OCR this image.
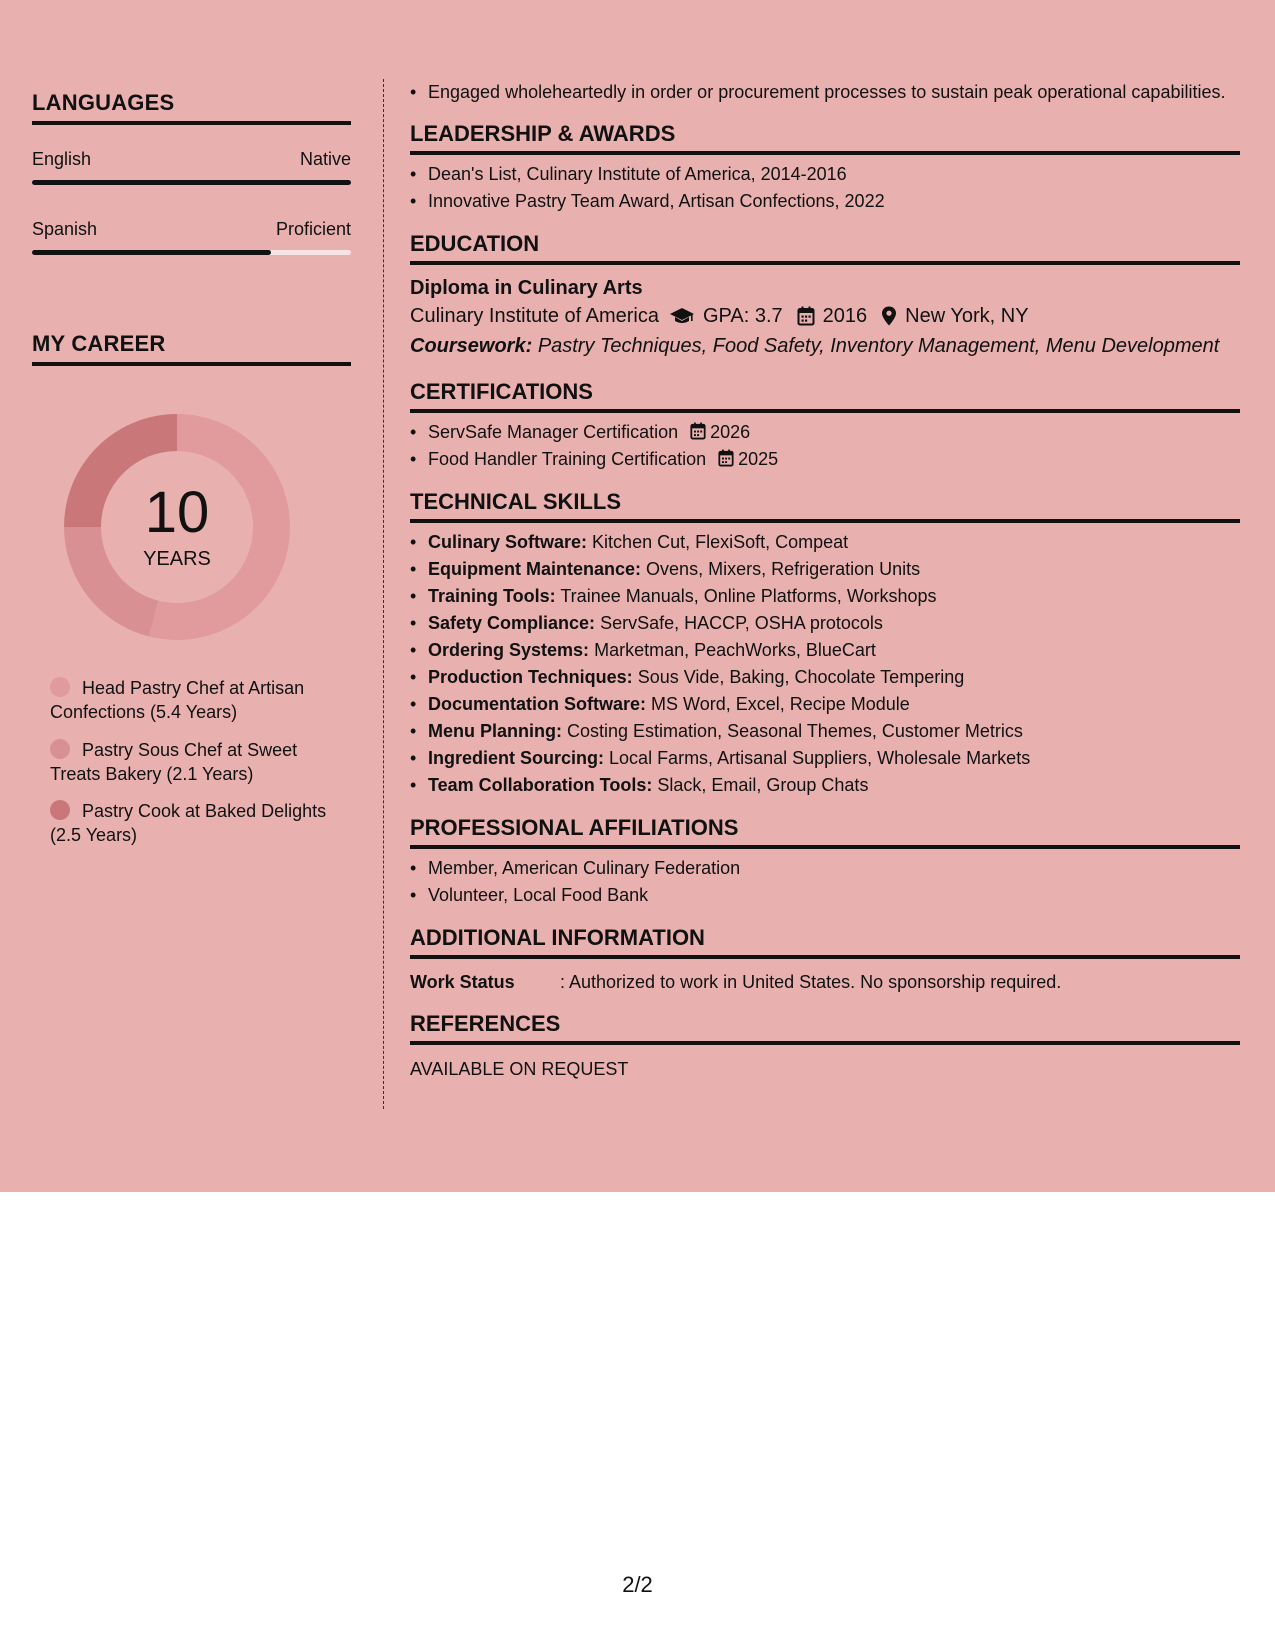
LANGUAGES
English	Native
Spanish	Proficient
MY CAREER
10
YEARS
Head Pastry Chef at Artisan Confections (5.4 Years)
Pastry Sous Chef at Sweet Treats Bakery (2.1 Years)
Pastry Cook at Baked Delights (2.5 Years)
• Engaged wholeheartedly in order or procurement processes to sustain peak operational capabilities.
LEADERSHIP & AWARDS
• Dean's List, Culinary Institute of America, 2014-2016
• Innovative Pastry Team Award, Artisan Confections, 2022
EDUCATION
Diploma in Culinary Arts
Culinary Institute of America GPA: 3.7 2016 New York, NY
Coursework: Pastry Techniques, Food Safety, Inventory Management, Menu Development
CERTIFICATIONS
• ServSafe Manager Certification 2026
• Food Handler Training Certification 2025
TECHNICAL SKILLS
• Culinary Software: Kitchen Cut, FlexiSoft, Compeat
• Equipment Maintenance: Ovens, Mixers, Refrigeration Units
• Training Tools: Trainee Manuals, Online Platforms, Workshops
• Safety Compliance: ServSafe, HACCP, OSHA protocols
• Ordering Systems: Marketman, PeachWorks, BlueCart
• Production Techniques: Sous Vide, Baking, Chocolate Tempering
• Documentation Software: MS Word, Excel, Recipe Module
• Menu Planning: Costing Estimation, Seasonal Themes, Customer Metrics
• Ingredient Sourcing: Local Farms, Artisanal Suppliers, Wholesale Markets
• Team Collaboration Tools: Slack, Email, Group Chats
PROFESSIONAL AFFILIATIONS
• Member, American Culinary Federation
• Volunteer, Local Food Bank
ADDITIONAL INFORMATION
Work Status	: Authorized to work in United States. No sponsorship required.
REFERENCES
AVAILABLE ON REQUEST
2/2
